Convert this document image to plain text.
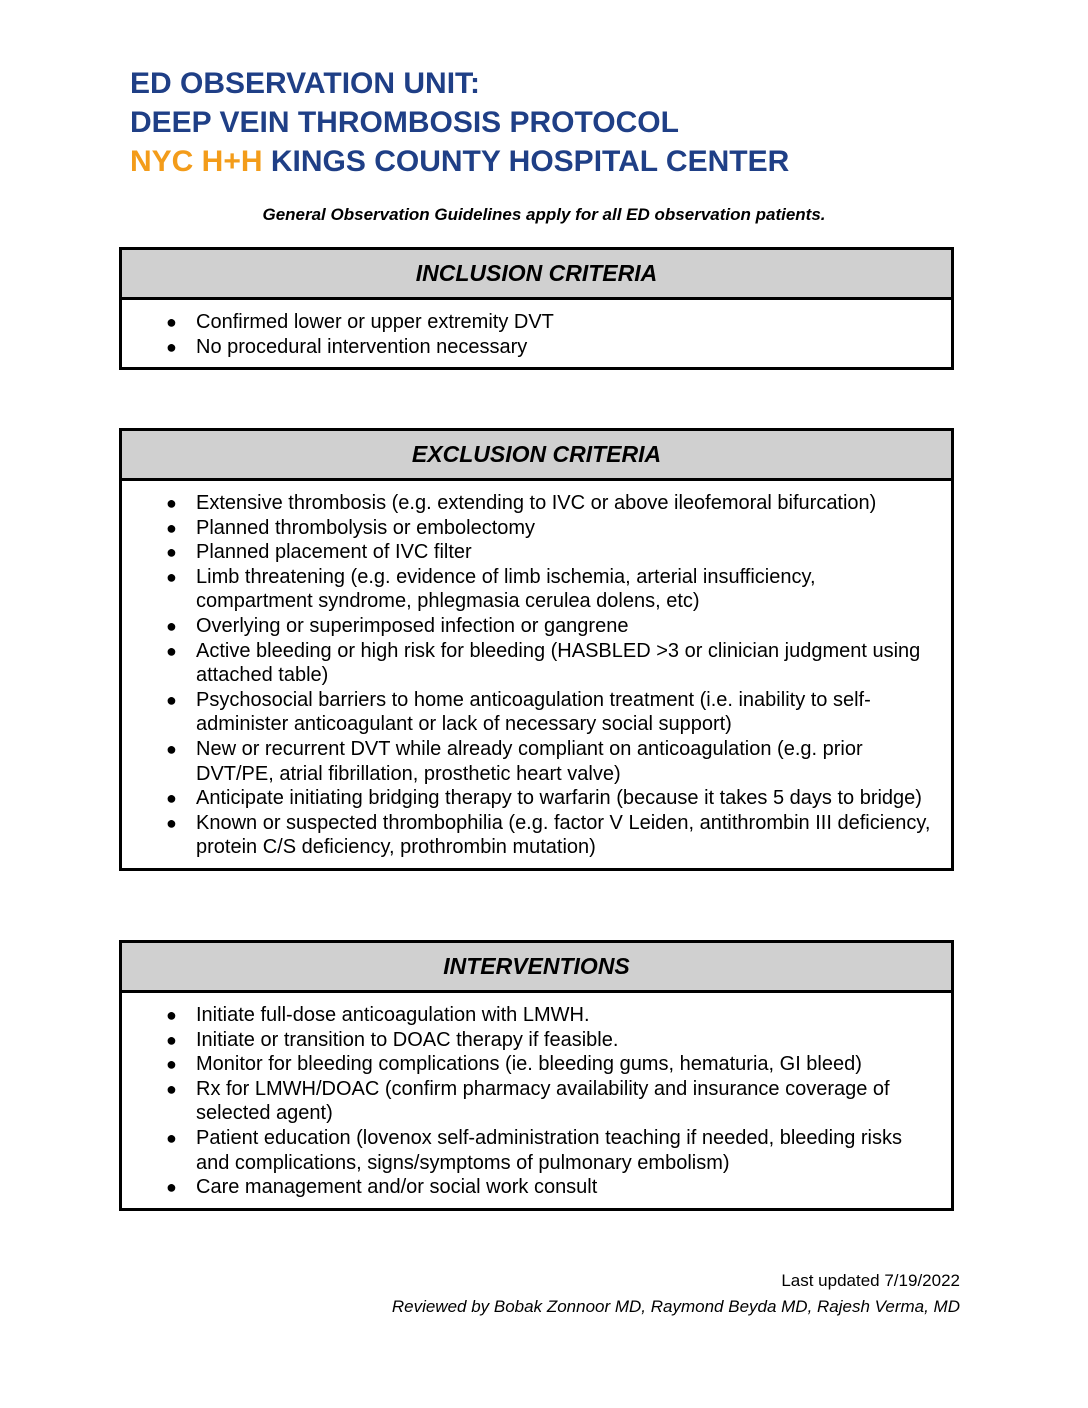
ED OBSERVATION UNIT:
DEEP VEIN THROMBOSIS PROTOCOL
NYC H+H KINGS COUNTY HOSPITAL CENTER
General Observation Guidelines apply for all ED observation patients.
INCLUSION CRITERIA
● Confirmed lower or upper extremity DVT
● No procedural intervention necessary
EXCLUSION CRITERIA
● Extensive thrombosis (e.g. extending to IVC or above ileofemoral bifurcation)
● Planned thrombolysis or embolectomy
● Planned placement of IVC filter
● Limb threatening (e.g. evidence of limb ischemia, arterial insufficiency, compartment syndrome, phlegmasia cerulea dolens, etc)
● Overlying or superimposed infection or gangrene
● Active bleeding or high risk for bleeding (HASBLED >3 or clinician judgment using attached table)
● Psychosocial barriers to home anticoagulation treatment (i.e. inability to self-administer anticoagulant or lack of necessary social support)
● New or recurrent DVT while already compliant on anticoagulation (e.g. prior DVT/PE, atrial fibrillation, prosthetic heart valve)
● Anticipate initiating bridging therapy to warfarin (because it takes 5 days to bridge)
● Known or suspected thrombophilia (e.g. factor V Leiden, antithrombin III deficiency, protein C/S deficiency, prothrombin mutation)
INTERVENTIONS
● Initiate full-dose anticoagulation with LMWH.
● Initiate or transition to DOAC therapy if feasible.
● Monitor for bleeding complications (ie. bleeding gums, hematuria, GI bleed)
● Rx for LMWH/DOAC (confirm pharmacy availability and insurance coverage of selected agent)
● Patient education (lovenox self-administration teaching if needed, bleeding risks and complications, signs/symptoms of pulmonary embolism)
● Care management and/or social work consult
Last updated 7/19/2022
Reviewed by Bobak Zonnoor MD, Raymond Beyda MD, Rajesh Verma, MD
